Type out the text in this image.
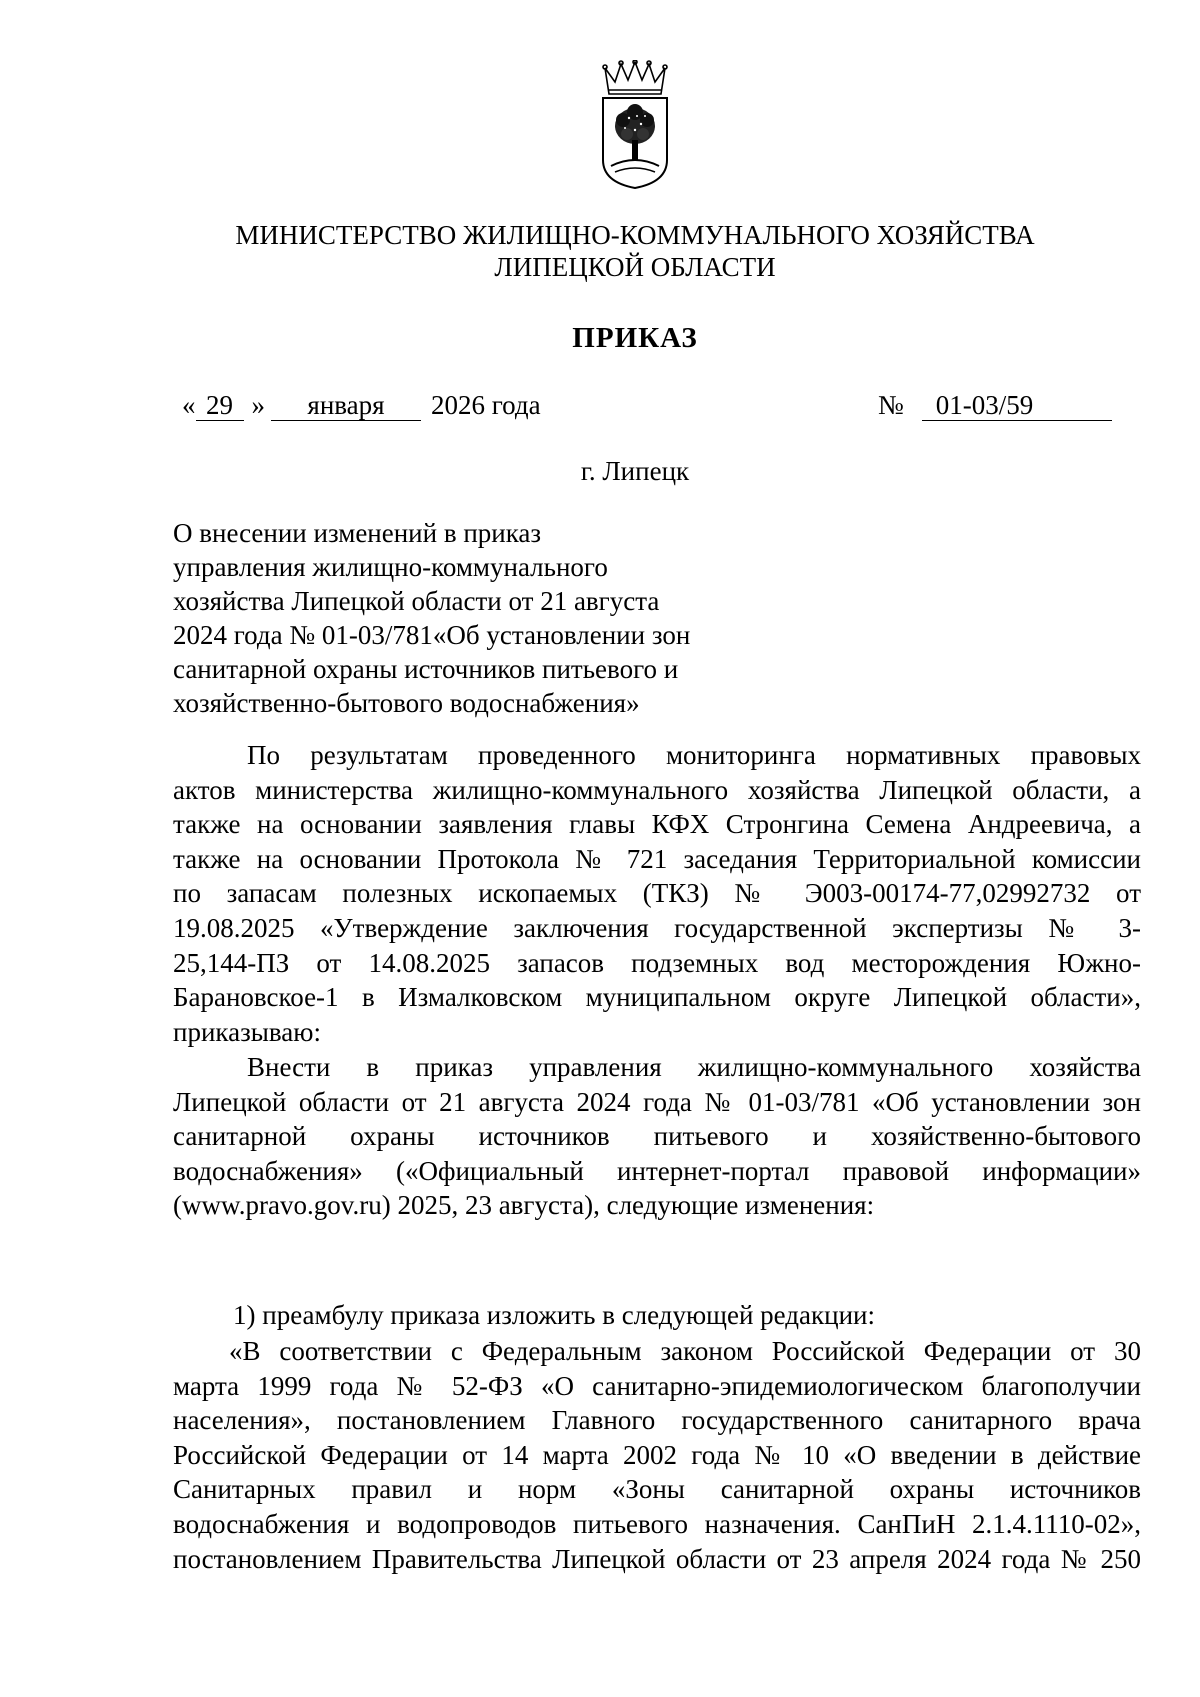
МИНИСТЕРСТВО ЖИЛИЩНО-КОММУНАЛЬНОГО ХОЗЯЙСТВА
ЛИПЕЦКОЙ ОБЛАСТИ
ПРИКАЗ
« 29 » января 2026 года	№ 01-03/59
г. Липецк
О внесении изменений в приказ
управления жилищно-коммунального
хозяйства Липецкой области от 21 августа
2024 года № 01-03/781«Об установлении зон
санитарной охраны источников питьевого и
хозяйственно-бытового водоснабжения»
По результатам проведенного мониторинга нормативных правовых
актов министерства жилищно-коммунального хозяйства Липецкой области, а
также на основании заявления главы КФХ Стронгина Семена Андреевича, а
также на основании Протокола № 721 заседания Территориальной комиссии
по запасам полезных ископаемых (ТКЗ) № Э003-00174-77,02992732 от
19.08.2025 «Утверждение заключения государственной экспертизы № 3-
25,144-ПЗ от 14.08.2025 запасов подземных вод месторождения Южно-
Барановское-1 в Измалковском муниципальном округе Липецкой области»,
приказываю:
Внести в приказ управления жилищно-коммунального хозяйства
Липецкой области от 21 августа 2024 года № 01-03/781 «Об установлении зон
санитарной охраны источников питьевого и хозяйственно-бытового
водоснабжения» («Официальный интернет-портал правовой информации»
(www.pravo.gov.ru) 2025, 23 августа), следующие изменения:
1) преамбулу приказа изложить в следующей редакции:
«В соответствии с Федеральным законом Российской Федерации от 30
марта 1999 года № 52-ФЗ «О санитарно-эпидемиологическом благополучии
населения», постановлением Главного государственного санитарного врача
Российской Федерации от 14 марта 2002 года № 10 «О введении в действие
Санитарных правил и норм «Зоны санитарной охраны источников
водоснабжения и водопроводов питьевого назначения. СанПиН 2.1.4.1110-02»,
постановлением Правительства Липецкой области от 23 апреля 2024 года № 250
